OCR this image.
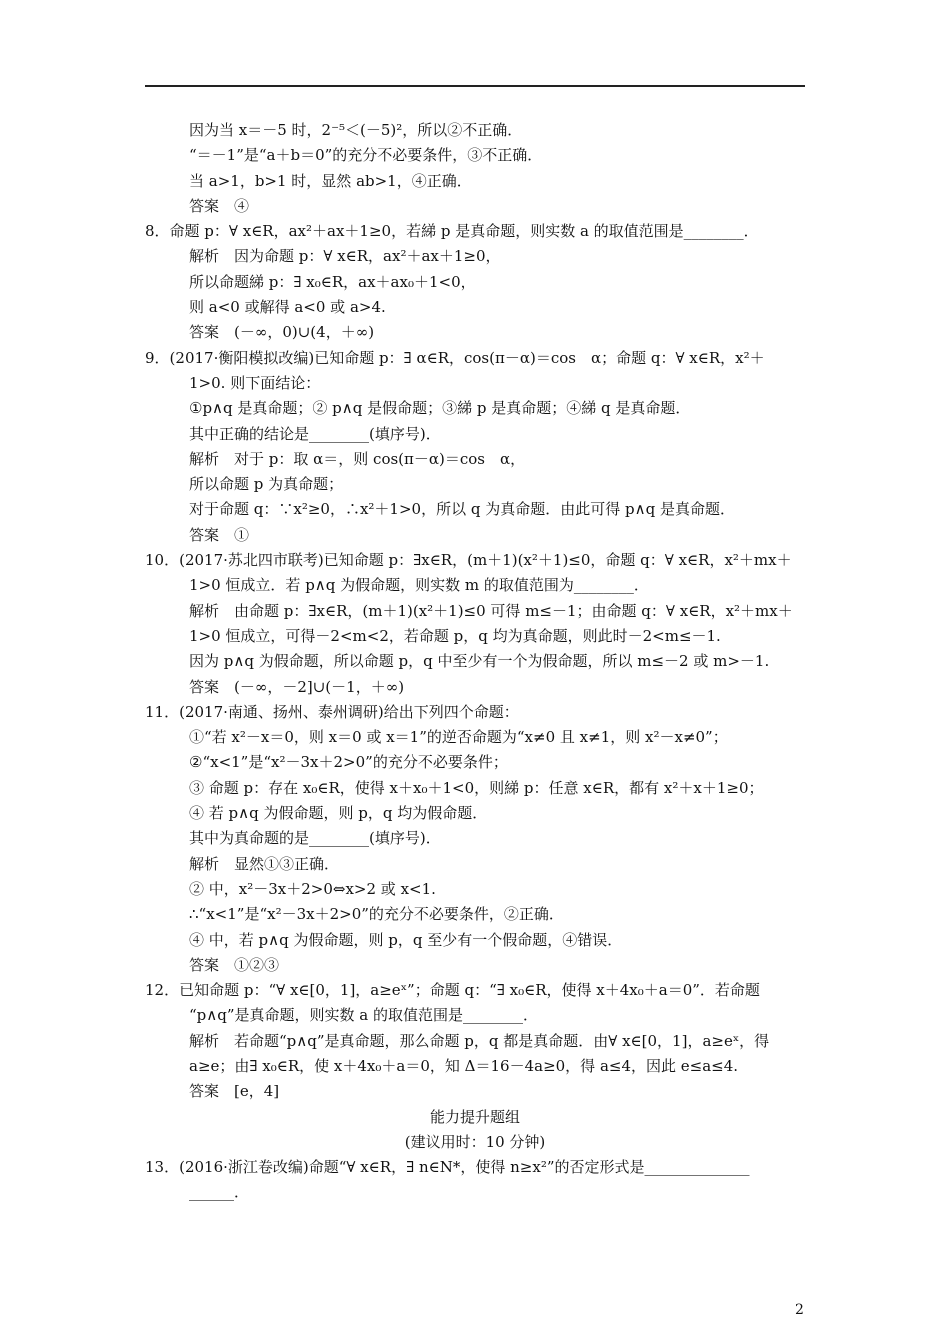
因为当 x＝－5 时，2⁻⁵＜(－5)²，所以②不正确．
“＝－1”是“a＋b＝0”的充分不必要条件，③不正确．
当 a>1，b>1 时，显然 ab>1，④正确．
答案　④
8．命题 p：∀ x∈R，ax²＋ax＋1≥0，若綈 p 是真命题，则实数 a 的取值范围是________．
解析　因为命题 p：∀ x∈R，ax²＋ax＋1≥0，
所以命题綈 p：∃ x₀∈R，ax＋ax₀＋1<0，
则 a<0 或解得 a<0 或 a>4.
答案　(－∞，0)∪(4，＋∞)
9．(2017·衡阳模拟改编)已知命题 p：∃ α∈R，cos(π－α)＝cos　α；命题 q：∀ x∈R，x²＋
1>0. 则下面结论：
①p∧q 是真命题；② p∧q 是假命题；③綈 p 是真命题；④綈 q 是真命题．
其中正确的结论是________(填序号)．
解析　对于 p：取 α＝，则 cos(π－α)＝cos　α，
所以命题 p 为真命题；
对于命题 q：∵x²≥0，∴x²＋1>0，所以 q 为真命题．由此可得 p∧q 是真命题．
答案　①
10．(2017·苏北四市联考)已知命题 p：∃x∈R，(m＋1)(x²＋1)≤0，命题 q：∀ x∈R，x²＋mx＋
1>0 恒成立．若 p∧q 为假命题，则实数 m 的取值范围为________．
解析　由命题 p：∃x∈R，(m＋1)(x²＋1)≤0 可得 m≤－1；由命题 q：∀ x∈R，x²＋mx＋
1>0 恒成立，可得－2<m<2，若命题 p，q 均为真命题，则此时－2<m≤－1.
因为 p∧q 为假命题，所以命题 p，q 中至少有一个为假命题，所以 m≤－2 或 m>－1.
答案　(－∞，－2]∪(－1，＋∞)
11．(2017·南通、扬州、泰州调研)给出下列四个命题：
①“若 x²－x＝0，则 x＝0 或 x＝1”的逆否命题为“x≠0 且 x≠1，则 x²－x≠0”；
②“x<1”是“x²－3x＋2>0”的充分不必要条件；
③ 命题 p：存在 x₀∈R，使得 x＋x₀＋1<0，则綈 p：任意 x∈R，都有 x²＋x＋1≥0；
④ 若 p∧q 为假命题，则 p，q 均为假命题．
其中为真命题的是________(填序号)．
解析　显然①③正确．
② 中，x²－3x＋2>0⇔x>2 或 x<1.
∴“x<1”是“x²－3x＋2>0”的充分不必要条件，②正确．
④ 中，若 p∧q 为假命题，则 p，q 至少有一个假命题，④错误．
答案　①②③
12．已知命题 p：“∀ x∈[0，1]，a≥eˣ”；命题 q：“∃ x₀∈R，使得 x＋4x₀＋a＝0”．若命题
“p∧q”是真命题，则实数 a 的取值范围是________．
解析　若命题“p∧q”是真命题，那么命题 p，q 都是真命题．由∀ x∈[0，1]，a≥eˣ，得
a≥e；由∃ x₀∈R，使 x＋4x₀＋a＝0，知 Δ＝16－4a≥0，得 a≤4，因此 e≤a≤4.
答案　[e，4]
能力提升题组
(建议用时：10 分钟)
13．(2016·浙江卷改编)命题“∀ x∈R，∃ n∈N*，使得 n≥x²”的否定形式是______________
______．
2
